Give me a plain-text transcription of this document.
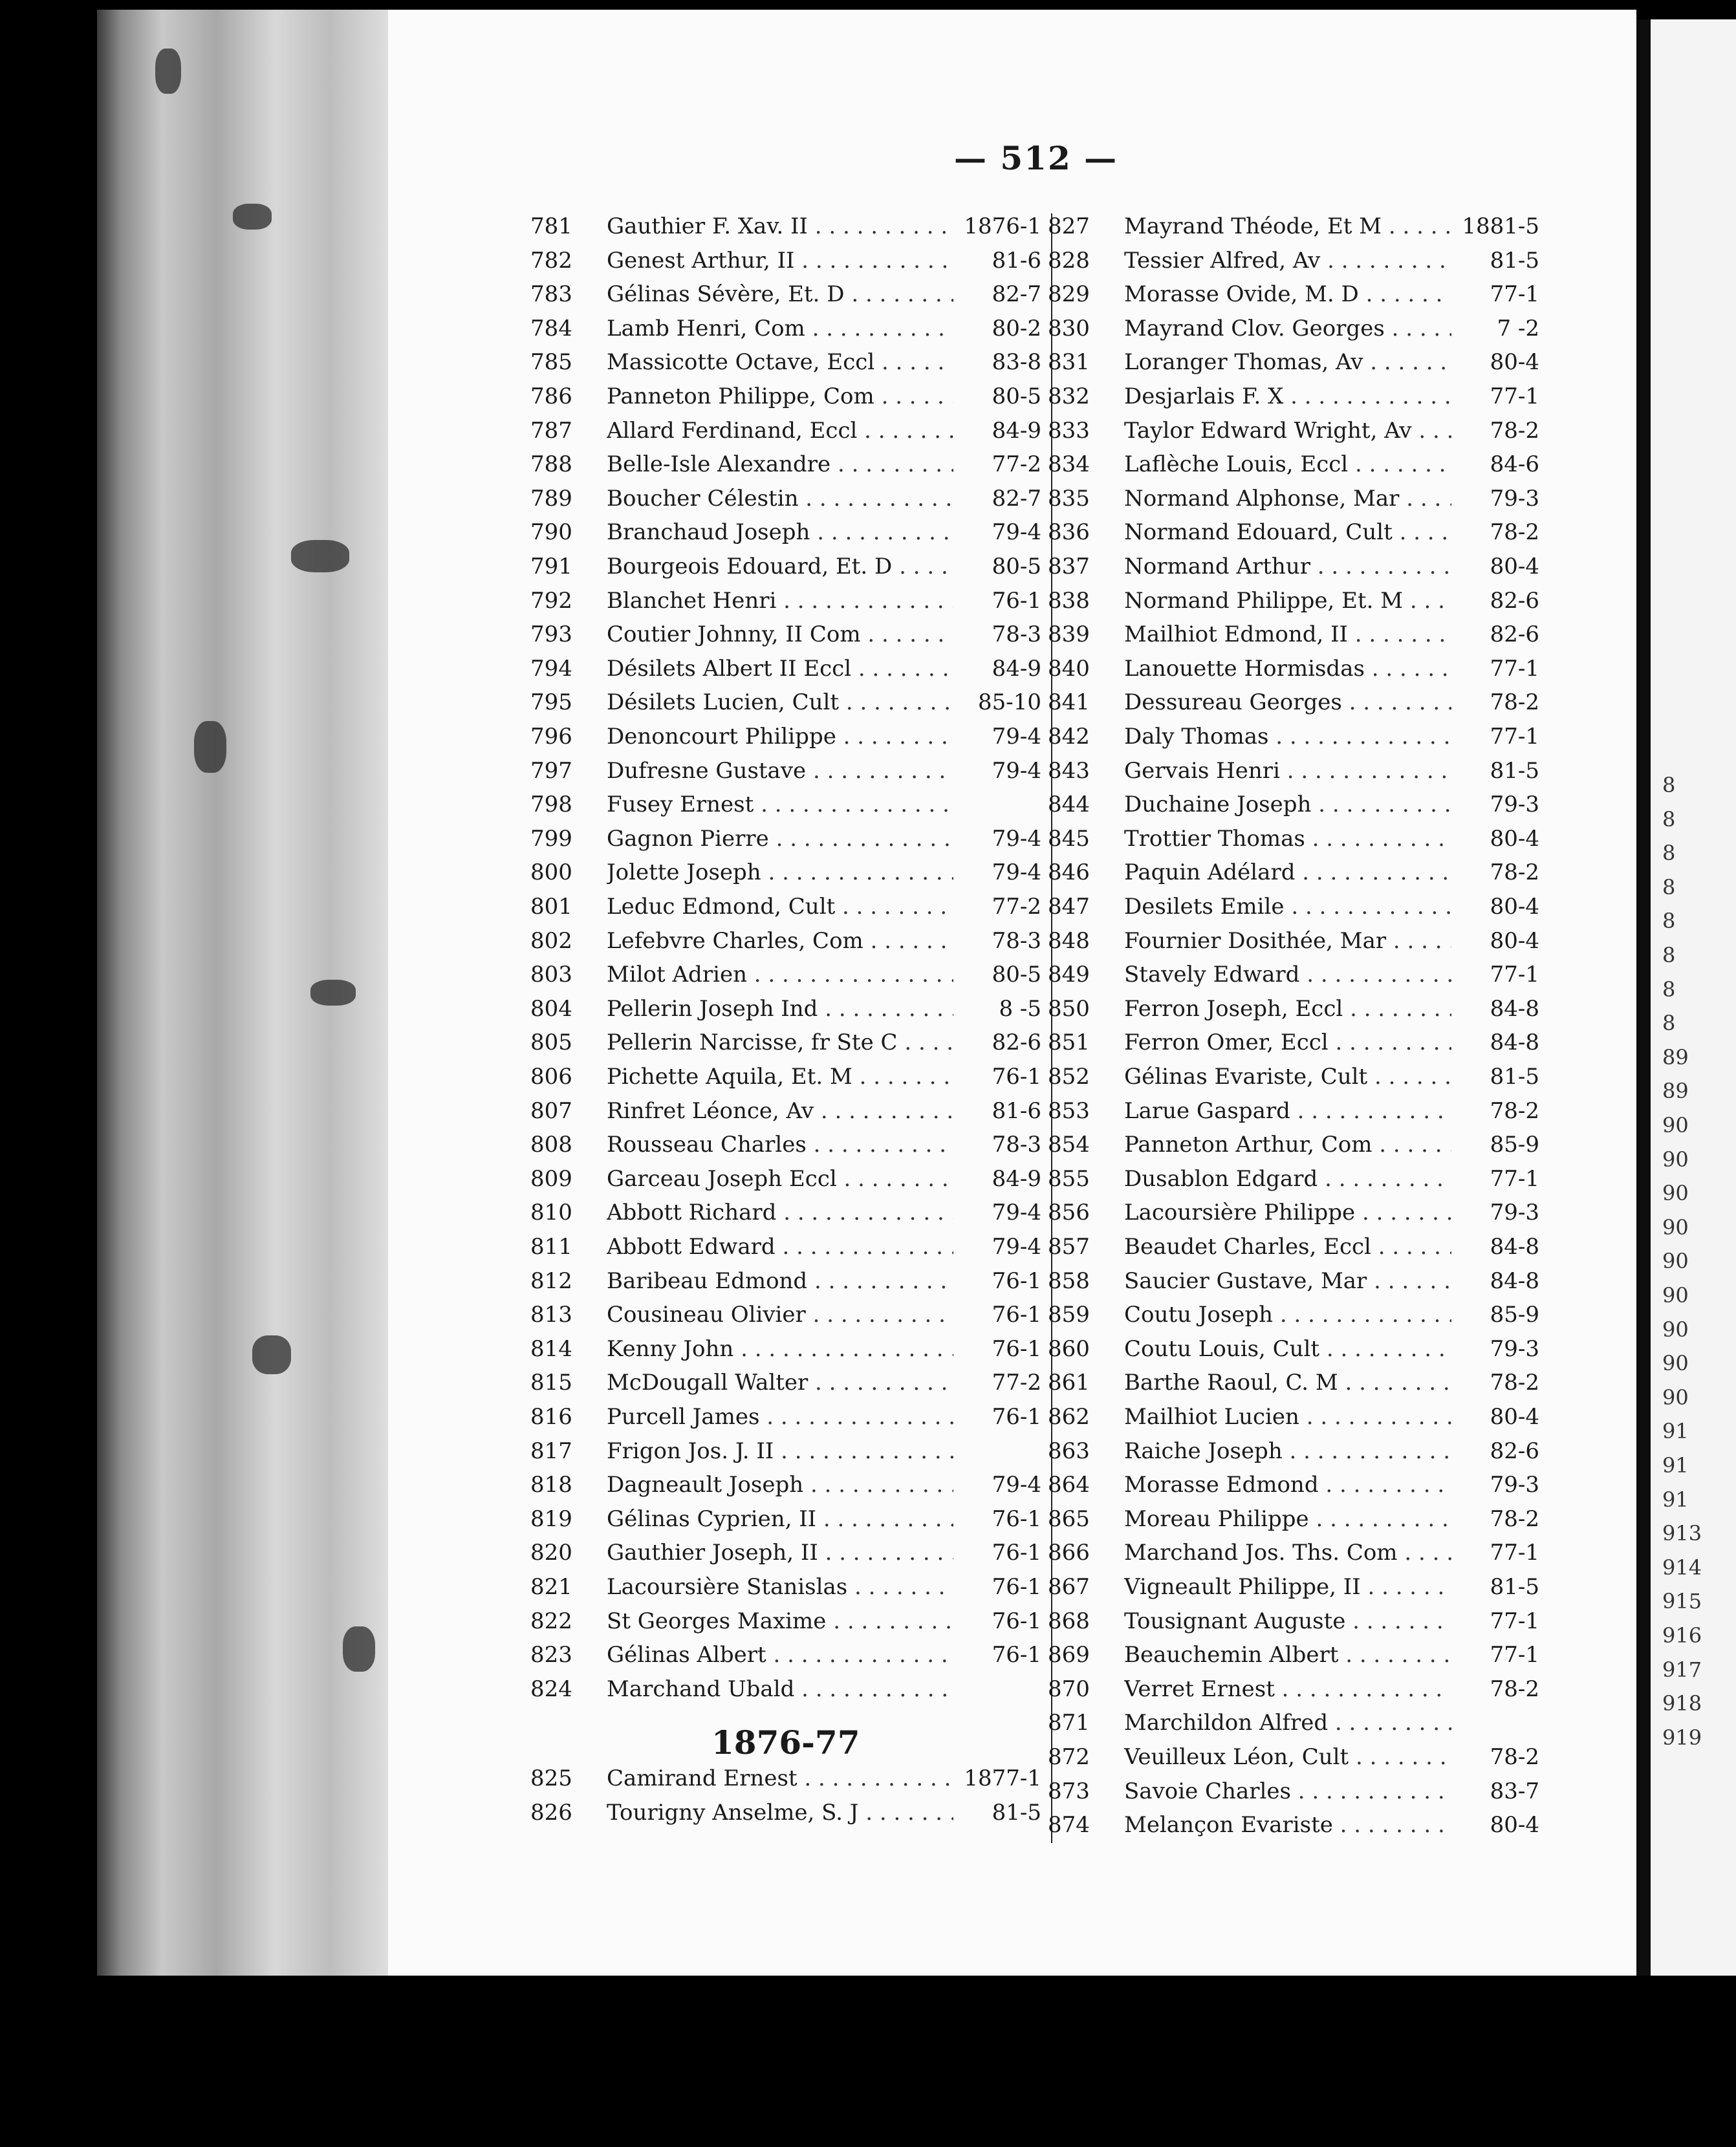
— 512 —
781	Gauthier F. Xav. II . . .	1876-1
782	Genest Arthur, II . . .	81-6
783	Gélinas Sévère, Et. D . . .	82-7
784	Lamb Henri, Com . . .	80-2
785	Massicotte Octave, Eccl . . .	83-8
786	Panneton Philippe, Com . . .	80-5
787	Allard Ferdinand, Eccl . . .	84-9
788	Belle-Isle Alexandre . . .	77-2
789	Boucher Célestin . . .	82-7
790	Branchaud Joseph . . .	79-4
791	Bourgeois Edouard, Et. D . . .	80-5
792	Blanchet Henri . . .	76-1
793	Coutier Johnny, II Com . . .	78-3
794	Désilets Albert II Eccl . . .	84-9
795	Désilets Lucien, Cult . . .	85-10
796	Denoncourt Philippe . . .	79-4
797	Dufresne Gustave . . .	79-4
798	Fusey Ernest . . .
799	Gagnon Pierre . . .	79-4
800	Jolette Joseph . . .	79-4
801	Leduc Edmond, Cult . . .	77-2
802	Lefebvre Charles, Com . . .	78-3
803	Milot Adrien . . .	80-5
804	Pellerin Joseph Ind . . .	8 -5
805	Pellerin Narcisse, fr Ste C . . .	82-6
806	Pichette Aquila, Et. M . . .	76-1
807	Rinfret Léonce, Av . . .	81-6
808	Rousseau Charles . . .	78-3
809	Garceau Joseph Eccl . . .	84-9
810	Abbott Richard . . .	79-4
811	Abbott Edward . . .	79-4
812	Baribeau Edmond . . .	76-1
813	Cousineau Olivier . . .	76-1
814	Kenny John . . .	76-1
815	McDougall Walter . . .	77-2
816	Purcell James . . .	76-1
817	Frigon Jos. J. II . . .
818	Dagneault Joseph . . .	79-4
819	Gélinas Cyprien, II . . .	76-1
820	Gauthier Joseph, II . . .	76-1
821	Lacoursière Stanislas . . .	76-1
822	St Georges Maxime . . .	76-1
823	Gélinas Albert . . .	76-1
824	Marchand Ubald . . .
1876-77
825	Camirand Ernest . . .	1877-1
826	Tourigny Anselme, S. J . . .	81-5
827	Mayrand Théode, Et M . . .	1881-5
828	Tessier Alfred, Av . . .	81-5
829	Morasse Ovide, M. D . . .	77-1
830	Mayrand Clov. Georges . . .	7 -2
831	Loranger Thomas, Av . . .	80-4
832	Desjarlais F. X . . .	77-1
833	Taylor Edward Wright, Av . . .	78-2
834	Laflèche Louis, Eccl . . .	84-6
835	Normand Alphonse, Mar . . .	79-3
836	Normand Edouard, Cult . . .	78-2
837	Normand Arthur . . .	80-4
838	Normand Philippe, Et. M . . .	82-6
839	Mailhiot Edmond, II . . .	82-6
840	Lanouette Hormisdas . . .	77-1
841	Dessureau Georges . . .	78-2
842	Daly Thomas . . .	77-1
843	Gervais Henri . . .	81-5
844	Duchaine Joseph . . .	79-3
845	Trottier Thomas . . .	80-4
846	Paquin Adélard . . .	78-2
847	Desilets Emile . . .	80-4
848	Fournier Dosithée, Mar . . .	80-4
849	Stavely Edward . . .	77-1
850	Ferron Joseph, Eccl . . .	84-8
851	Ferron Omer, Eccl . . .	84-8
852	Gélinas Evariste, Cult . . .	81-5
853	Larue Gaspard . . .	78-2
854	Panneton Arthur, Com . . .	85-9
855	Dusablon Edgard . . .	77-1
856	Lacoursière Philippe . . .	79-3
857	Beaudet Charles, Eccl . . .	84-8
858	Saucier Gustave, Mar . . .	84-8
859	Coutu Joseph . . .	85-9
860	Coutu Louis, Cult . . .	79-3
861	Barthe Raoul, C. M . . .	78-2
862	Mailhiot Lucien . . .	80-4
863	Raiche Joseph . . .	82-6
864	Morasse Edmond . . .	79-3
865	Moreau Philippe . . .	78-2
866	Marchand Jos. Ths. Com . . .	77-1
867	Vigneault Philippe, II . . .	81-5
868	Tousignant Auguste . . .	77-1
869	Beauchemin Albert . . .	77-1
870	Verret Ernest . . .	78-2
871	Marchildon Alfred . . .
872	Veuilleux Léon, Cult . . .	78-2
873	Savoie Charles . . .	83-7
874	Melançon Evariste . . .	80-4
8
8
8
8
8
8
8
8
89
89
90
90
90
90
90
90
90
90
90
91
91
91
913
914
915
916
917
918
919
